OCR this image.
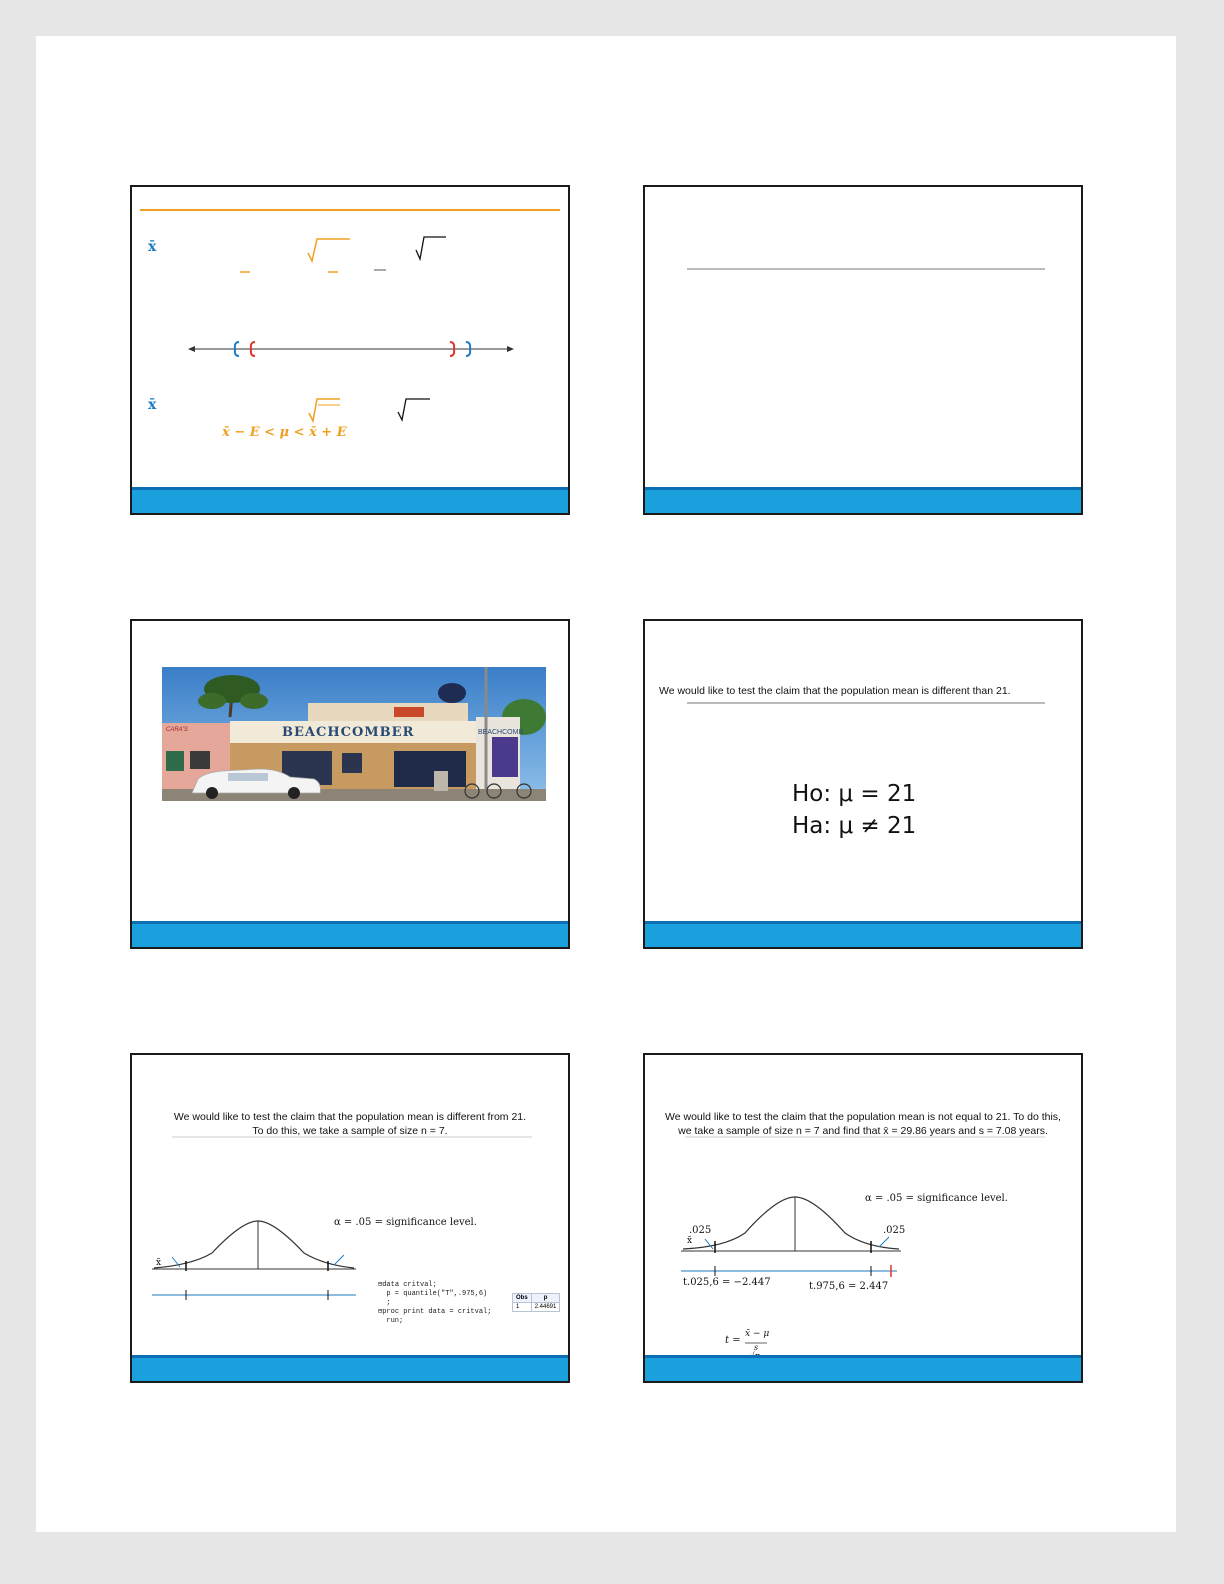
x̄
x̄
x̄ − E < μ < x̄ + E
BEACHCOMBER	BEACHCOMB
CARA'S
We would like to test the claim that the population mean is different than 21.
Ho: μ = 21
Ha: μ ≠ 21
We would like to test the claim that the population mean is different from 21.
To do this, we take a sample of size n = 7.
x̄
α = .05 = significance level.
⊟data critval;
p = quantile("T",.975,6)
;
⊟proc print data = critval;
run;
Obs	p
1	2.44691
We would like to test the claim that the population mean is not equal to 21. To do this,
we take a sample of size n = 7 and find that x̄ = 29.86 years and s = 7.08 years.
.025	.025
x̄
α = .05 = significance level.
t.025,6 = −2.447	t.975,6 = 2.447
t =
x̄ − μ
s
